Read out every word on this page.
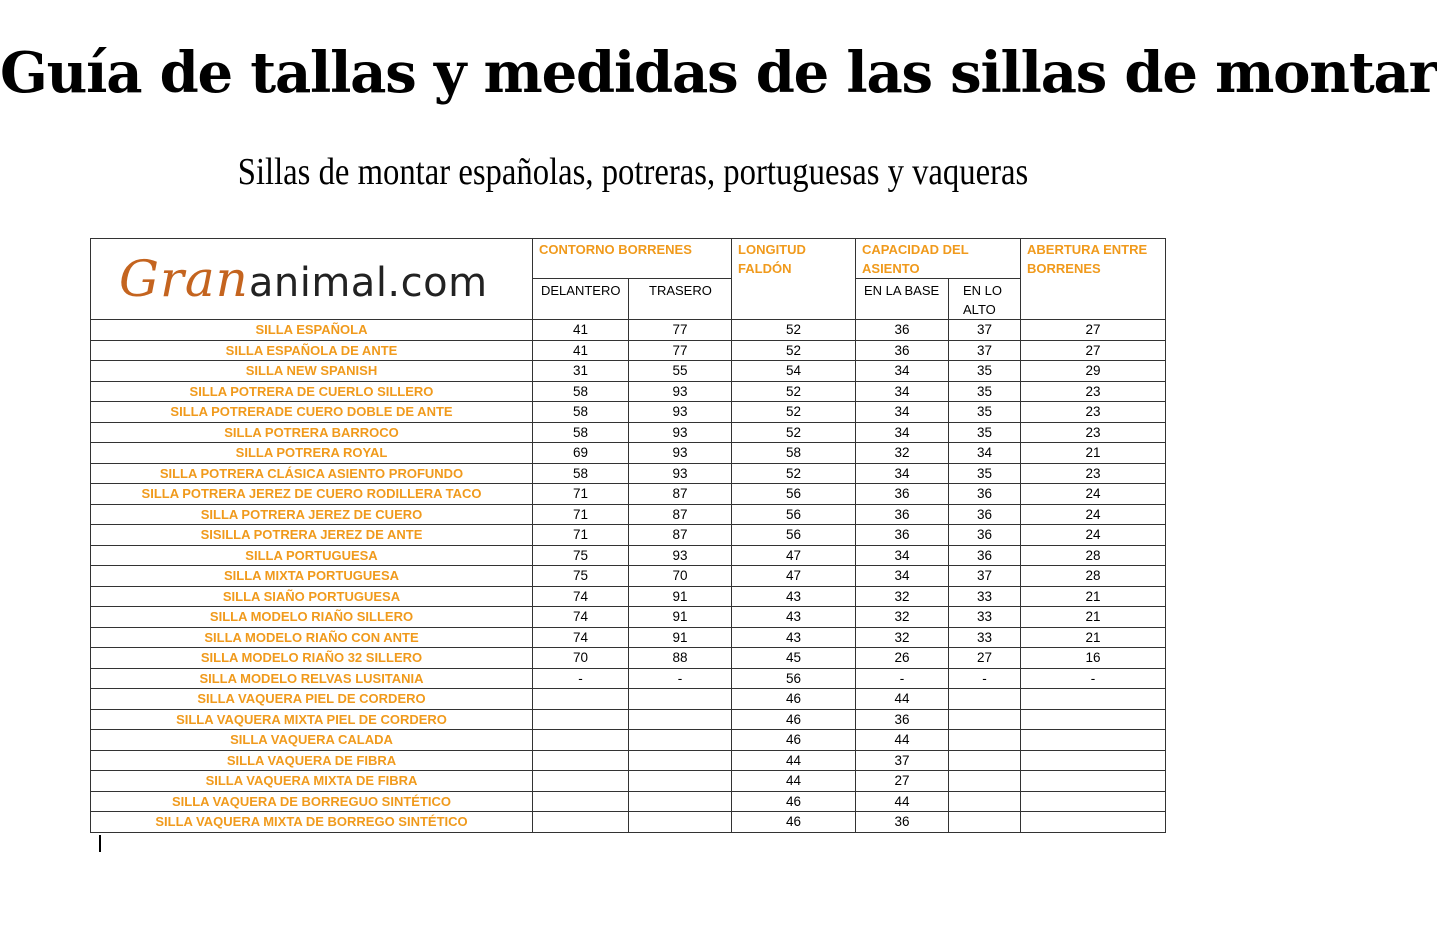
Guía de tallas y medidas de las sillas de montar
Sillas de montar españolas, potreras, portuguesas y vaqueras
Grananimal.com	CONTORNO BORRENES		LONGITUD FALDÓN	CAPACIDAD DEL ASIENTO		ABERTURA ENTRE BORRENES
	DELANTERO	TRASERO		EN LA BASE	EN LO ALTO	
SILLA ESPAÑOLA	41	77	52	36	37	27
SILLA ESPAÑOLA DE ANTE	41	77	52	36	37	27
SILLA NEW SPANISH	31	55	54	34	35	29
SILLA POTRERA DE CUERLO SILLERO	58	93	52	34	35	23
SILLA POTRERADE CUERO DOBLE DE ANTE	58	93	52	34	35	23
SILLA POTRERA BARROCO	58	93	52	34	35	23
SILLA POTRERA ROYAL	69	93	58	32	34	21
SILLA POTRERA CLÁSICA ASIENTO PROFUNDO	58	93	52	34	35	23
SILLA POTRERA JEREZ DE CUERO RODILLERA TACO	71	87	56	36	36	24
SILLA POTRERA JEREZ DE CUERO	71	87	56	36	36	24
SISILLA POTRERA JEREZ DE ANTE	71	87	56	36	36	24
SILLA PORTUGUESA	75	93	47	34	36	28
SILLA MIXTA PORTUGUESA	75	70	47	34	37	28
SILLA SIAÑO PORTUGUESA	74	91	43	32	33	21
SILLA MODELO RIAÑO SILLERO	74	91	43	32	33	21
SILLA MODELO RIAÑO CON ANTE	74	91	43	32	33	21
SILLA MODELO RIAÑO 32 SILLERO	70	88	45	26	27	16
SILLA MODELO RELVAS LUSITANIA	-	-	56	-	-	-
SILLA VAQUERA PIEL DE CORDERO			46	44		
SILLA VAQUERA MIXTA PIEL DE CORDERO			46	36		
SILLA VAQUERA CALADA			46	44		
SILLA VAQUERA DE FIBRA			44	37		
SILLA VAQUERA MIXTA DE FIBRA			44	27		
SILLA VAQUERA DE BORREGUO SINTÉTICO			46	44		
SILLA VAQUERA MIXTA DE BORREGO SINTÉTICO			46	36		
